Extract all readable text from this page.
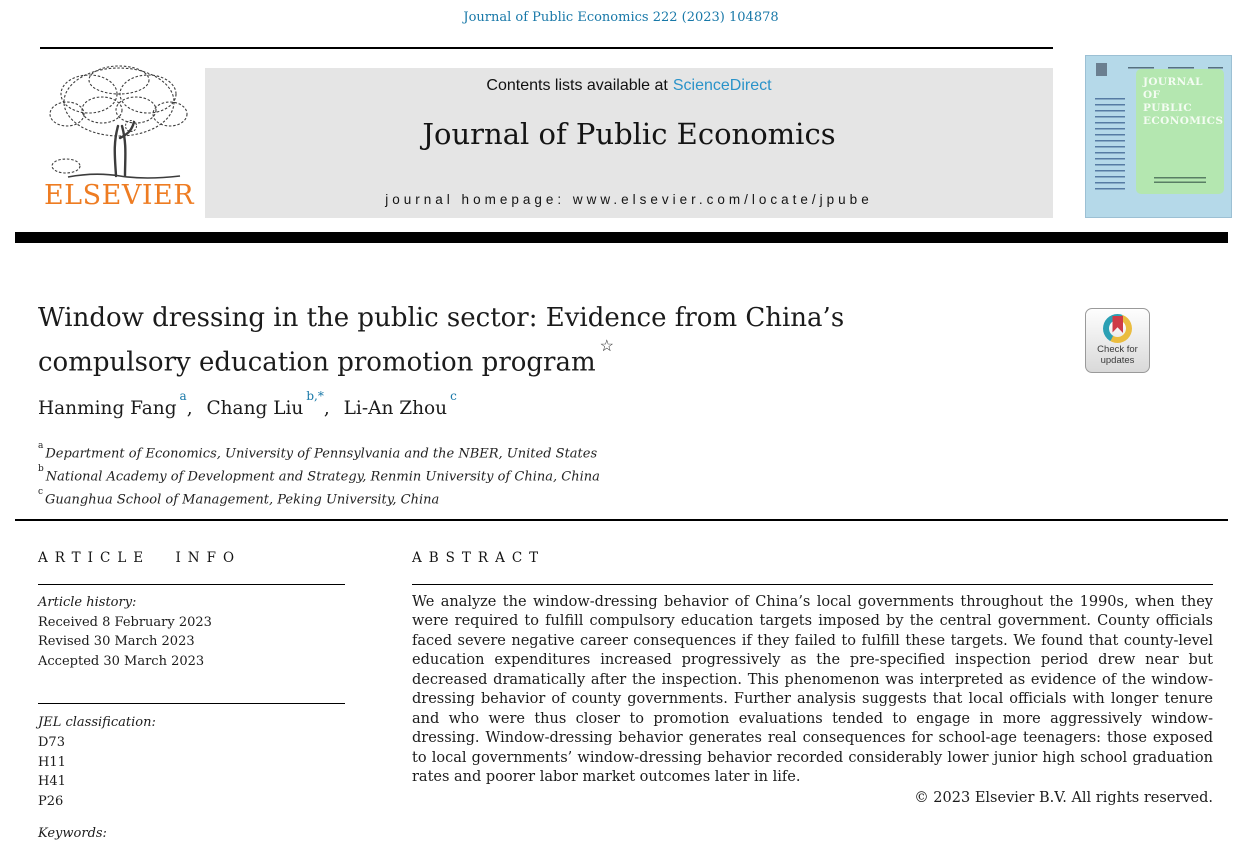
Journal of Public Economics 222 (2023) 104878
ELSEVIER
Contents lists available at ScienceDirect
Journal of Public Economics
journal homepage: www.elsevier.com/locate/jpube
JOURNAL OF
PUBLIC
ECONOMICS
Window dressing in the public sector: Evidence from China’s
compulsory education promotion program☆	Check for
updates
Hanming Fang$^a$, Chang Liu$^{b,*}$, Li-An Zhou$^c$
$^a$Department of Economics, University of Pennsylvania and the NBER, United States
$^b$National Academy of Development and Strategy, Renmin University of China, China
$^c$Guanghua School of Management, Peking University, China
ARTICLE INFO
Article history:
Received 8 February 2023
Revised 30 March 2023
Accepted 30 March 2023
JEL classification:
D73
H11
H41
P26
Keywords:
ABSTRACT
We analyze the window-dressing behavior of China’s local governments throughout the 1990s, when they were required to fulfill compulsory education targets imposed by the central government. County officials faced severe negative career consequences if they failed to fulfill these targets. We found that county-level education expenditures increased progressively as the pre-specified inspection period drew near but decreased dramatically after the inspection. This phenomenon was interpreted as evidence of the window-dressing behavior of county governments. Further analysis suggests that local officials with longer tenure and who were thus closer to promotion evaluations tended to engage in more aggressively window-dressing. Window-dressing behavior generates real consequences for school-age teenagers: those exposed to local governments’ window-dressing behavior recorded considerably lower junior high school graduation rates and poorer labor market outcomes later in life.
© 2023 Elsevier B.V. All rights reserved.
